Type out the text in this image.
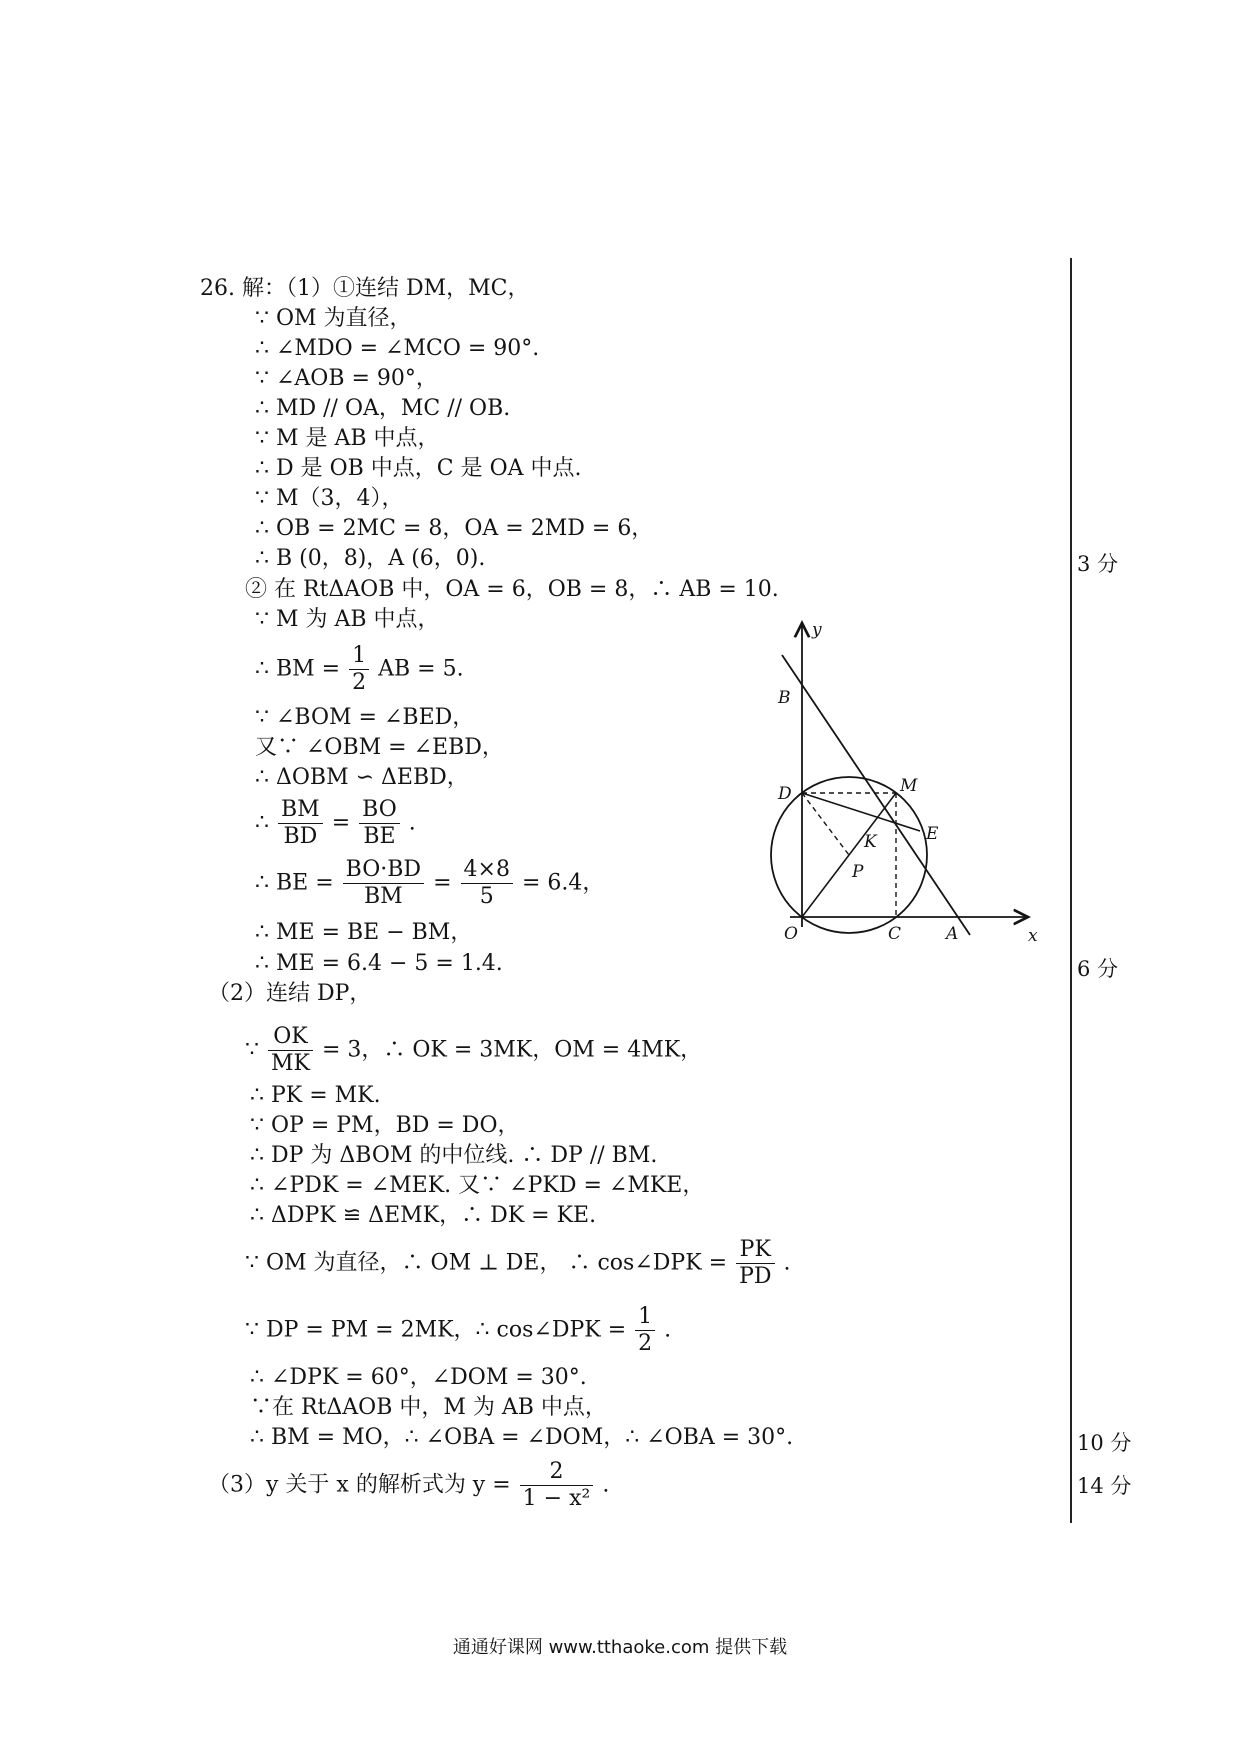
26. 解：（1）①连结 DM，MC，
∵ OM 为直径，
∴ ∠MDO = ∠MCO = 90°.
∵ ∠AOB = 90°，
∴ MD // OA，MC // OB.
∵ M 是 AB 中点，
∴ D 是 OB 中点，C 是 OA 中点.
∵ M（3，4），
∴ OB = 2MC = 8，OA = 2MD = 6，
∴ B (0，8)，A (6，0).	3 分
② 在 RtΔAOB 中，OA = 6，OB = 8，∴ AB = 10.
∵ M 为 AB 中点，
∴ BM = $\frac{1}{2}$ AB = 5.
∵ ∠BOM = ∠BED，
又∵ ∠OBM = ∠EBD，
∴ ΔOBM ∽ ΔEBD，
∴ $\frac{BM}{BD} = \frac{BO}{BE}$ .
∴ BE = $\frac{BO\cdot BD}{BM} = \frac{4\times 8}{5} = 6.4$，
∴ ME = BE − BM，
∴ ME = 6.4 − 5 = 1.4.	6 分
（2）连结 DP，
∵ $\frac{OK}{MK} = 3$，∴ OK = 3MK，OM = 4MK，
∴ PK = MK.
∵ OP = PM，BD = DO，
∴ DP 为 ΔBOM 的中位线. ∴ DP // BM.
∴ ∠PDK = ∠MEK. 又∵ ∠PKD = ∠MKE，
∴ ΔDPK ≌ ΔEMK，∴ DK = KE.
∵ OM 为直径，∴ OM ⊥ DE， ∴ cos∠DPK = $\frac{PK}{PD}$ .
∵ DP = PM = 2MK，∴ cos∠DPK = $\frac{1}{2}$ .
∴ ∠DPK = 60°，∠DOM = 30°.
∵在 RtΔAOB 中，M 为 AB 中点，
∴ BM = MO，∴ ∠OBA = ∠DOM，∴ ∠OBA = 30°.	10 分
（3）y 关于 x 的解析式为 $y = \frac{2}{\text{1 − x²}}$ .	14 分
y
x
B
D	M
E
K
P
O	C	A
通通好课网 www.tthaoke.com 提供下载
